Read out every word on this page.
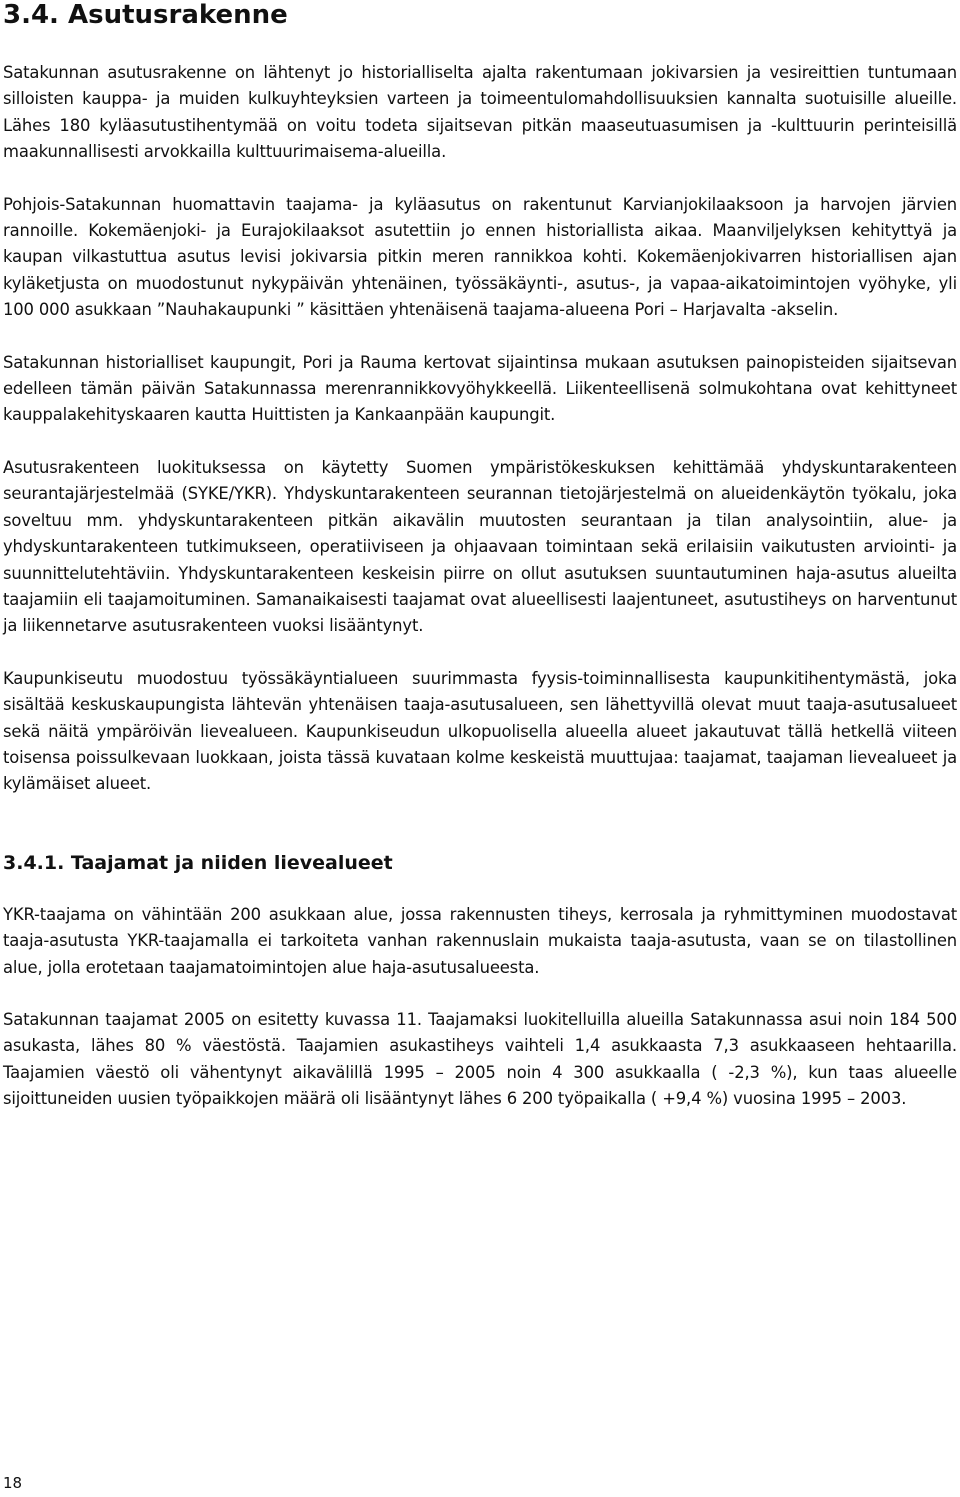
3.4. Asutusrakenne

Satakunnan asutusrakenne on lähtenyt jo historialliselta ajalta rakentumaan jokivarsien ja vesireittien tuntumaan silloisten kauppa- ja muiden kulkuyhteyksien varteen ja toimeentulomahdollisuuksien kannalta suotuisille alueille. Lähes 180 kyläasutustihentymää on voitu todeta sijaitsevan pitkän maaseutuasumisen ja -kulttuurin perinteisillä maakunnallisesti arvokkailla kulttuurimaisema-alueilla.

Pohjois-Satakunnan huomattavin taajama- ja kyläasutus on rakentunut Karvianjokilaaksoon ja harvojen järvien rannoille. Kokemäenjoki- ja Eurajokilaaksot asutettiin jo ennen historiallista aikaa. Maanviljelyksen kehityttyä ja kaupan vilkastuttua asutus levisi jokivarsia pitkin meren rannikkoa kohti. Kokemäenjokivarren historiallisen ajan kyläketjusta on muodostunut nykypäivän yhtenäinen, työssäkäynti-, asutus-, ja vapaa-aikatoimintojen vyöhyke, yli 100 000 asukkaan ”Nauhakaupunki ” käsittäen yhtenäisenä taajama-alueena Pori – Harjavalta -akselin.

Satakunnan historialliset kaupungit, Pori ja Rauma kertovat sijaintinsa mukaan asutuksen painopisteiden sijaitsevan edelleen tämän päivän Satakunnassa merenrannikkovyöhykkeellä. Liikenteellisenä solmukohtana ovat kehittyneet kauppalakehityskaaren kautta Huittisten ja Kankaanpään kaupungit.

Asutusrakenteen luokituksessa on käytetty Suomen ympäristökeskuksen kehittämää yhdyskuntarakenteen seurantajärjestelmää (SYKE/YKR). Yhdyskuntarakenteen seurannan tietojärjestelmä on alueidenkäytön työkalu, joka soveltuu mm. yhdyskuntarakenteen pitkän aikavälin muutosten seurantaan ja tilan analysointiin, alue- ja yhdyskuntarakenteen tutkimukseen, operatiiviseen ja ohjaavaan toimintaan sekä erilaisiin vaikutusten arviointi- ja suunnittelutehtäviin. Yhdyskuntarakenteen keskeisin piirre on ollut asutuksen suuntautuminen haja-asutus alueilta taajamiin eli taajamoituminen. Samanaikaisesti taajamat ovat alueellisesti laajentuneet, asutustiheys on harventunut ja liikennetarve asutusrakenteen vuoksi lisääntynyt.

Kaupunkiseutu muodostuu työssäkäyntialueen suurimmasta fyysis-toiminnallisesta kaupunkitihentymästä, joka sisältää keskuskaupungista lähtevän yhtenäisen taaja-asutusalueen, sen lähettyvillä olevat muut taaja-asutusalueet sekä näitä ympäröivän lievealueen. Kaupunkiseudun ulkopuolisella alueella alueet jakautuvat tällä hetkellä viiteen toisensa poissulkevaan luokkaan, joista tässä kuvataan kolme keskeistä muuttujaa: taajamat, taajaman lievealueet ja kylämäiset alueet.

3.4.1. Taajamat ja niiden lievealueet

YKR-taajama on vähintään 200 asukkaan alue, jossa rakennusten tiheys, kerrosala ja ryhmittyminen muodostavat taaja-asutusta YKR-taajamalla ei tarkoiteta vanhan rakennuslain mukaista taaja-asutusta, vaan se on tilastollinen alue, jolla erotetaan taajamatoimintojen alue haja-asutusalueesta.

Satakunnan taajamat 2005 on esitetty kuvassa 11. Taajamaksi luokitelluilla alueilla Satakunnassa asui noin 184 500 asukasta, lähes 80 % väestöstä. Taajamien asukastiheys vaihteli 1,4 asukkaasta 7,3 asukkaaseen hehtaarilla. Taajamien väestö oli vähentynyt aikavälillä 1995 – 2005 noin 4 300 asukkaalla ( -2,3 %), kun taas alueelle sijoittuneiden uusien työpaikkojen määrä oli lisääntynyt lähes 6 200 työpaikalla ( +9,4 %) vuosina 1995 – 2003.

18
